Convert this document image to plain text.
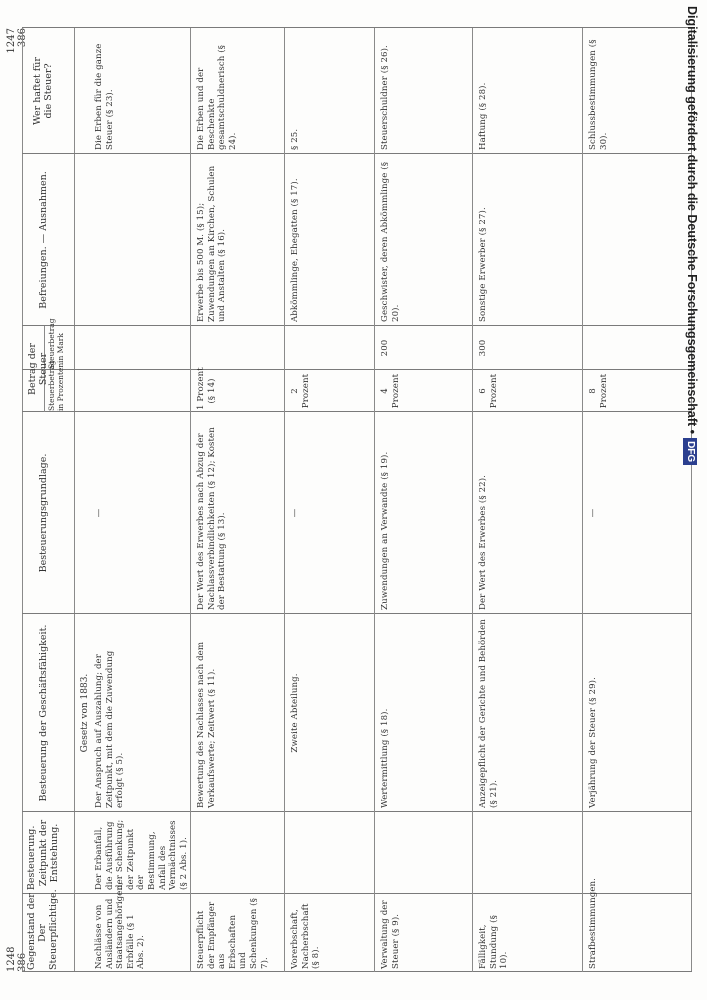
1248
386
1247
386
Gegenstand der Besteuerung.
Der
Steuerpflichtige.
Zeitpunkt der Entstehung.
Besteuerung der Geschäftsfähigkeit.
Besteuerungsgrundlage.
Betrag der Steuer
Steuerbetrag
in Prozenten
Steuerbetrag
in Mark
Befreiungen. — Ausnahmen.
Wer haftet für
die Steuer?
Gesetz von 1883.
Nachlässe von Ausländern und Staatsangehörigen; Erbfälle (§ 1 Abs. 2).
Der Erbanfall, die Ausführung der Schenkung; der Zeitpunkt der Bestimmung, Anfall des Vermächtnisses (§ 2 Abs. 1).
Der Anspruch auf Auszahlung; der Zeitpunkt, mit dem die Zuwendung erfolgt (§ 5).
—
Die Erben für die ganze Steuer (§ 23).
Steuerpflicht der Empfänger aus Erbschaften und Schenkungen (§ 7).
Bewertung des Nachlasses nach dem Verkaufswerte; Zeitwert (§ 11).
Der Wert des Erwerbes nach Abzug der Nachlassverbindlichkeiten (§ 12); Kosten der Bestattung (§ 13).
1 Prozent
(§ 14)
Erwerbe bis 500 M. (§ 15); Zuwendungen an Kirchen, Schulen und Anstalten (§ 16).
Die Erben und der Beschenkte gesamtschuldnerisch (§ 24).
Vorerbschaft, Nacherbschaft (§ 8).
Zweite Abteilung.
—
2 Prozent
Abkömmlinge, Ehegatten (§ 17).
§ 25.
Verwaltung der Steuer (§ 9).
Wertermittlung (§ 18).
Zuwendungen an Verwandte (§ 19).
4 Prozent
200
Geschwister, deren Abkömmlinge (§ 20).
Steuerschuldner (§ 26).
Fälligkeit, Stundung (§ 10).
Anzeigepflicht der Gerichte und Behörden (§ 21).
Der Wert des Erwerbes (§ 22).
6 Prozent
300
Sonstige Erwerber (§ 27).
Haftung (§ 28).
Strafbestimmungen.
Verjährung der Steuer (§ 29).
—
8 Prozent
Schlussbestimmungen (§ 30).	Digitalisierung gefördert durch die Deutsche Forschungsgemeinschaft •DFG
